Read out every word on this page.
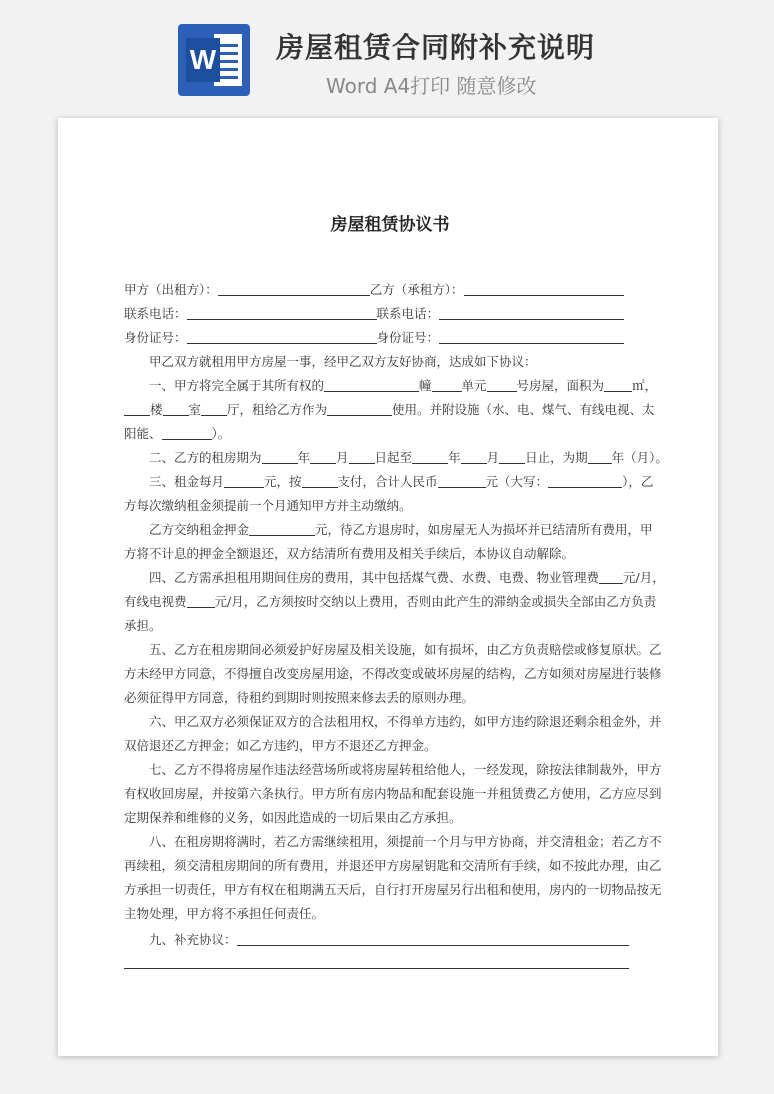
W 房屋租赁合同附补充说明
Word A4打印 随意修改
房屋租赁协议书
甲方（出租方）：	乙方（承租方）：
联系电话：	联系电话：
身份证号：	身份证号：
甲乙双方就租用甲方房屋一事，经甲乙双方友好协商，达成如下协议：
一、甲方将完全属于其所有权的	幢 单元 号房屋，面积为 ㎡，
楼 室 厅，租给乙方作为	使用。并附设施（水、电、煤气、有线电视、太
阳能、	）。
二、乙方的租房期为	年 月 日起至	年 月 日止，为期 年（月）。
三、租金每月	元，按	支付，合计人民币	元（大写：	），乙
方每次缴纳租金须提前一个月通知甲方并主动缴纳。
乙方交纳租金押金	元，待乙方退房时，如房屋无人为损坏并已结清所有费用，甲
方将不计息的押金全额退还，双方结清所有费用及相关手续后，本协议自动解除。
四、乙方需承担租用期间住房的费用，其中包括煤气费、水费、电费、物业管理费 元/月，
有线电视费 元/月，乙方须按时交纳以上费用，否则由此产生的滞纳金或损失全部由乙方负责
承担。
五、乙方在租房期间必须爱护好房屋及相关设施，如有损坏，由乙方负责赔偿或修复原状。乙
方未经甲方同意，不得擅自改变房屋用途，不得改变或破坏房屋的结构，乙方如须对房屋进行装修
必须征得甲方同意，待租约到期时则按照来修去丢的原则办理。
六、甲乙双方必须保证双方的合法租用权，不得单方违约，如甲方违约除退还剩余租金外，并
双倍退还乙方押金；如乙方违约，甲方不退还乙方押金。
七、乙方不得将房屋作违法经营场所或将房屋转租给他人，一经发现，除按法律制裁外，甲方
有权收回房屋，并按第六条执行。甲方所有房内物品和配套设施一并租赁费乙方使用，乙方应尽到
定期保养和维修的义务，如因此造成的一切后果由乙方承担。
八、在租房期将满时，若乙方需继续租用，须提前一个月与甲方协商，并交清租金；若乙方不
再续租，须交清租房期间的所有费用，并退还甲方房屋钥匙和交清所有手续，如不按此办理，由乙
方承担一切责任，甲方有权在租期满五天后，自行打开房屋另行出租和使用，房内的一切物品按无
主物处理，甲方将不承担任何责任。
九、补充协议：
